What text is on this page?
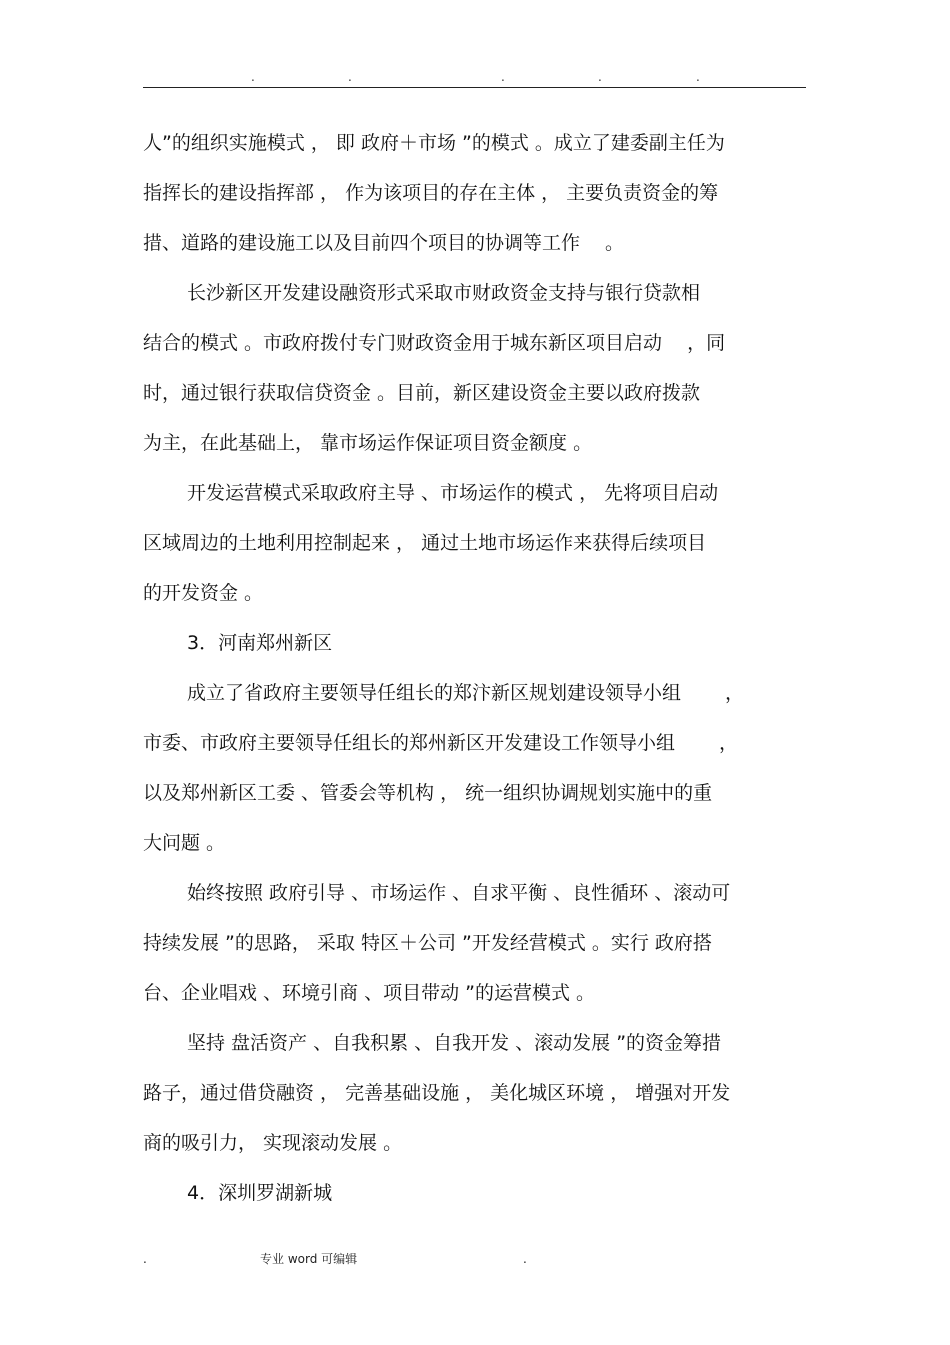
.	.	.	.	.
人”的组织实施模式 ， 即 政府＋市场 ”的模式 。成立了建委副主任为
指挥长的建设指挥部 ， 作为该项目的存在主体 ， 主要负责资金的筹
措、道路的建设施工以及目前四个项目的协调等工作　 。
长沙新区开发建设融资形式采取市财政资金支持与银行贷款相
结合的模式 。市政府拨付专门财政资金用于城东新区项目启动　 ，同
时，通过银行获取信贷资金 。目前，新区建设资金主要以政府拨款
为主，在此基础上， 靠市场运作保证项目资金额度 。
开发运营模式采取政府主导 、市场运作的模式 ， 先将项目启动
区域周边的土地利用控制起来 ， 通过土地市场运作来获得后续项目
的开发资金 。
3．河南郑州新区
成立了省政府主要领导任组长的郑汴新区规划建设领导小组　　 ，
市委、市政府主要领导任组长的郑州新区开发建设工作领导小组　　 ，
以及郑州新区工委 、管委会等机构 ， 统一组织协调规划实施中的重
大问题 。
始终按照 政府引导 、市场运作 、自求平衡 、良性循环 、滚动可
持续发展 ”的思路， 采取 特区＋公司 ”开发经营模式 。实行 政府搭
台、企业唱戏 、环境引商 、项目带动 ”的运营模式 。
坚持 盘活资产 、自我积累 、自我开发 、滚动发展 ”的资金筹措
路子，通过借贷融资 ， 完善基础设施 ， 美化城区环境 ， 增强对开发
商的吸引力， 实现滚动发展 。
4．深圳罗湖新城
.	专业 word 可编辑	.
